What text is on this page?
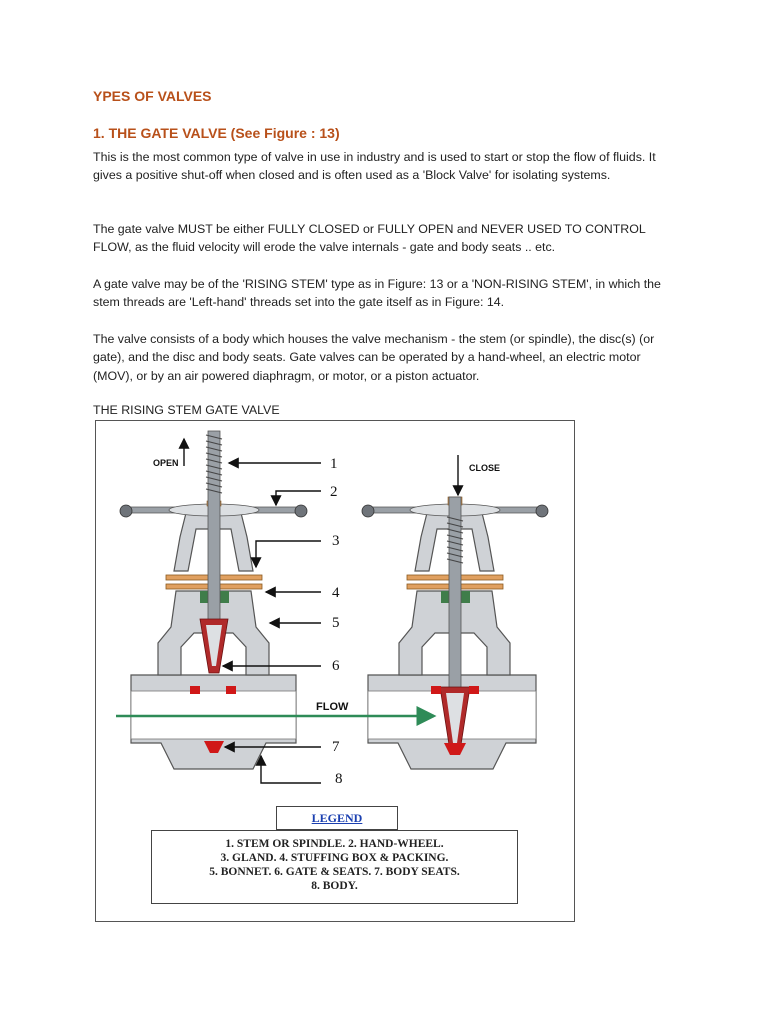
YPES OF VALVES
1. THE GATE VALVE (See Figure : 13)

This is the most common type of valve in use in industry and is used to start or stop the flow of fluids. It gives a positive shut-off when closed and is often used as a 'Block Valve' for isolating systems.

The gate valve MUST be either FULLY CLOSED or FULLY OPEN and NEVER USED TO CONTROL FLOW, as the fluid velocity will erode the valve internals - gate and body seats .. etc.

A gate valve may be of the 'RISING STEM' type as in Figure: 13 or a 'NON-RISING STEM', in which the stem threads are 'Left-hand' threads set into the gate itself as in Figure: 14.

The valve consists of a body which houses the valve mechanism - the stem (or spindle), the disc(s) (or gate), and the disc and body seats. Gate valves can be operated by a hand-wheel, an electric motor (MOV), or by an air powered diaphragm, or motor, or a piston actuator.

THE RISING STEM GATE VALVE

OPEN	CLOSE
FLOW
1
2
3
4
5
6
7
8
LEGEND
1. STEM OR SPINDLE. 2. HAND-WHEEL.
3. GLAND. 4. STUFFING BOX & PACKING.
5. BONNET. 6. GATE & SEATS. 7. BODY SEATS.
8. BODY.
